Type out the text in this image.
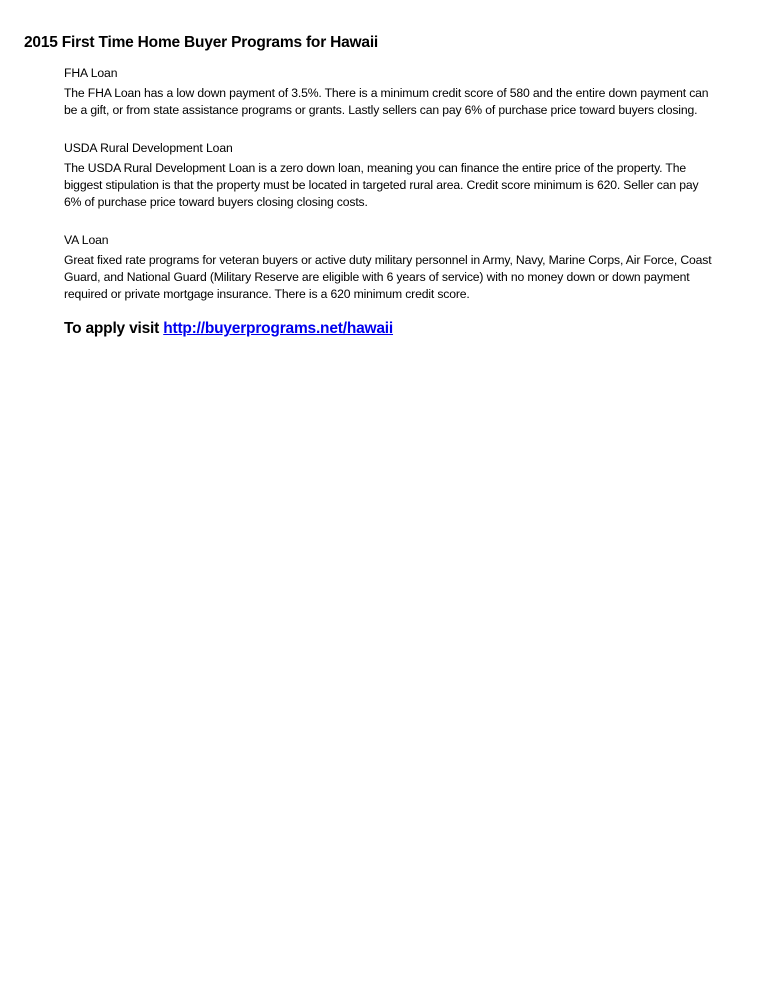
2015 First Time Home Buyer Programs for Hawaii
FHA Loan

The FHA Loan has a low down payment of 3.5%. There is a minimum credit score of 580 and the entire down payment can be a gift, or from state assistance programs or grants. Lastly sellers can pay 6% of purchase price toward buyers closing.

USDA Rural Development Loan

The USDA Rural Development Loan is a zero down loan, meaning you can finance the entire price of the property. The biggest stipulation is that the property must be located in targeted rural area. Credit score minimum is 620. Seller can pay 6% of purchase price toward buyers closing closing costs.

VA Loan

Great fixed rate programs for veteran buyers or active duty military personnel in Army, Navy, Marine Corps, Air Force, Coast Guard, and National Guard (Military Reserve are eligible with 6 years of service) with no money down or down payment required or private mortgage insurance. There is a 620 minimum credit score.

To apply visit http://buyerprograms.net/hawaii
